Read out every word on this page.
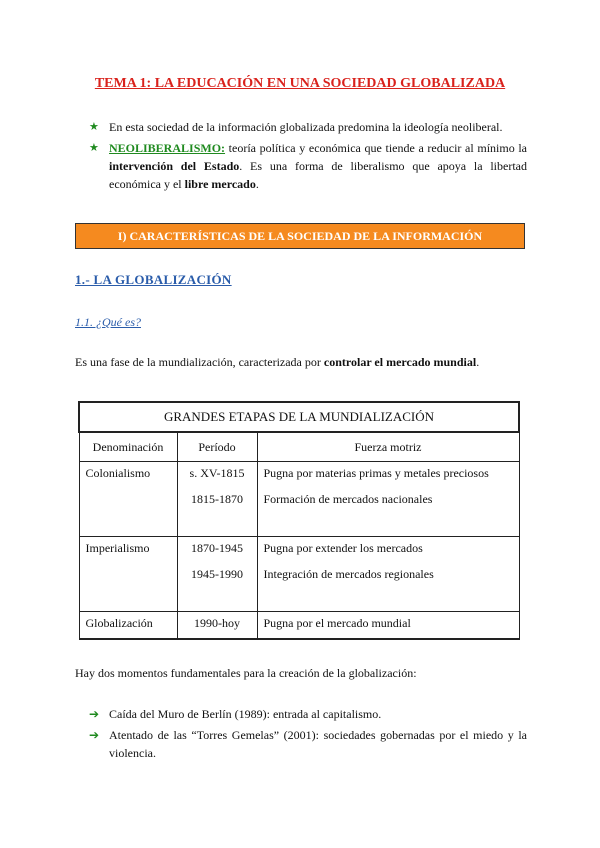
TEMA 1: LA EDUCACIÓN EN UNA SOCIEDAD GLOBALIZADA
★ En esta sociedad de la información globalizada predomina la ideología neoliberal.
★ NEOLIBERALISMO: teoría política y económica que tiende a reducir al mínimo la intervención del Estado. Es una forma de liberalismo que apoya la libertad económica y el libre mercado.
I) CARACTERÍSTICAS DE LA SOCIEDAD DE LA INFORMACIÓN
1.- LA GLOBALIZACIÓN
1.1. ¿Qué es?
Es una fase de la mundialización, caracterizada por controlar el mercado mundial.
GRANDES ETAPAS DE LA MUNDIALIZACIÓN		
Denominación	Período	Fuerza motriz
Colonialismo	s. XV-1815	Pugna por materias primas y metales preciosos
	1815-1870	Formación de mercados nacionales
Imperialismo	1870-1945	Pugna por extender los mercados
	1945-1990	Integración de mercados regionales
Globalización	1990-hoy	Pugna por el mercado mundial
Hay dos momentos fundamentales para la creación de la globalización:
➔ Caída del Muro de Berlín (1989): entrada al capitalismo.
➔ Atentado de las “Torres Gemelas” (2001): sociedades gobernadas por el miedo y la violencia.
